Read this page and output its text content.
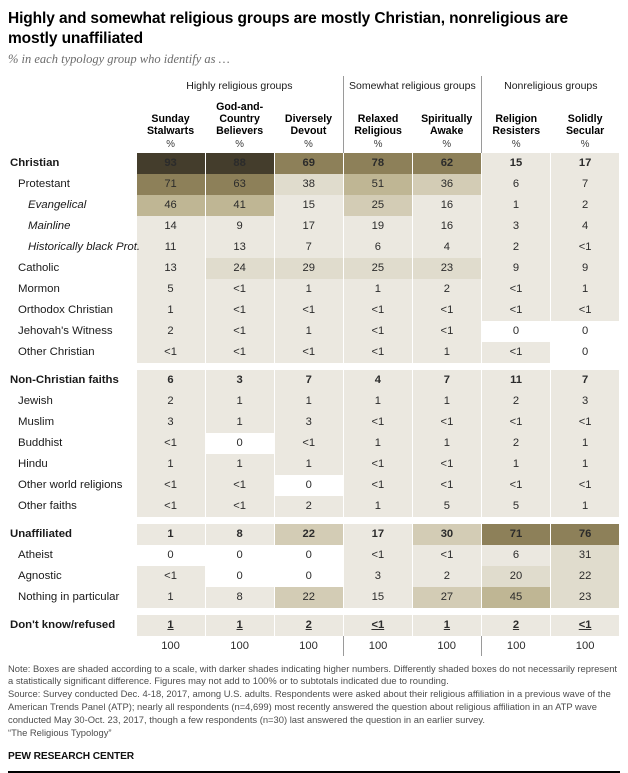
Highly and somewhat religious groups are mostly Christian, nonreligious are mostly unaffiliated
% in each typology group who identify as …
	Highly religious groups			Somewhat religious groups		Nonreligious groups	
	Sunday Stalwarts	God-and-Country Believers	Diversely Devout	Relaxed Religious	Spiritually Awake	Religion Resisters	Solidly Secular
	%	%	%	%	%	%	%
Christian	93	88	69	78	62	15	17
Protestant	71	63	38	51	36	6	7
Evangelical	46	41	15	25	16	1	2
Mainline	14	9	17	19	16	3	4
Historically black Prot.	11	13	7	6	4	2	<1
Catholic	13	24	29	25	23	9	9
Mormon	5	<1	1	1	2	<1	1
Orthodox Christian	1	<1	<1	<1	<1	<1	<1
Jehovah's Witness	2	<1	1	<1	<1	0	0
Other Christian	<1	<1	<1	<1	1	<1	0

Non-Christian faiths	6	3	7	4	7	11	7
Jewish	2	1	1	1	1	2	3
Muslim	3	1	3	<1	<1	<1	<1
Buddhist	<1	0	<1	1	1	2	1
Hindu	1	1	1	<1	<1	1	1
Other world religions	<1	<1	0	<1	<1	<1	<1
Other faiths	<1	<1	2	1	5	5	1

Unaffiliated	1	8	22	17	30	71	76
Atheist	0	0	0	<1	<1	6	31
Agnostic	<1	0	0	3	2	20	22
Nothing in particular	1	8	22	15	27	45	23

Don't know/refused	1	1	2	<1	1	2	<1
	100	100	100	100	100	100	100

Note: Boxes are shaded according to a scale, with darker shades indicating higher numbers. Differently shaded boxes do not necessarily represent a statistically significant difference. Figures may not add to 100% or to subtotals indicated due to rounding.

Source: Survey conducted Dec. 4-18, 2017, among U.S. adults. Respondents were asked about their religious affiliation in a previous wave of the American Trends Panel (ATP); nearly all respondents (n=4,699) most recently answered the question about religious affiliation in an ATP wave conducted May 30-Oct. 23, 2017, though a few respondents (n=30) last answered the question in an earlier survey.

“The Religious Typology”

PEW RESEARCH CENTER
